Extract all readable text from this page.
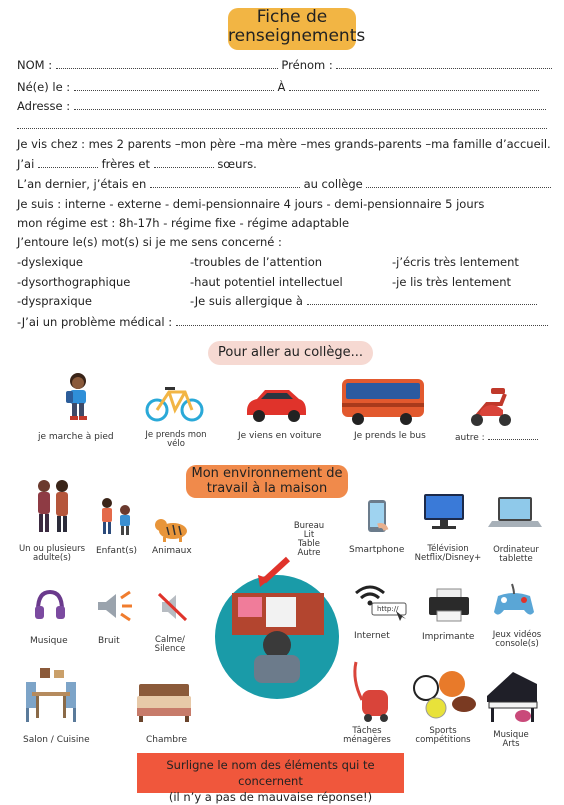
Fiche de
renseignements
NOM :	Prénom :
Né(e) le :	À
Adresse :
Je vis chez : mes 2 parents –mon père –ma mère –mes grands-parents –ma famille d’accueil.
J’ai	frères et	sœurs.
L’an dernier, j’étais en	au collège
Je suis : interne - externe - demi-pensionnaire 4 jours - demi-pensionnaire 5 jours
mon régime est : 8h-17h - régime fixe - régime adaptable
J’entoure le(s) mot(s) si je me sens concerné :
-dyslexique	-troubles de l’attention	-j’écris très lentement
-dysorthographique	-haut potentiel intellectuel	-je lis très lentement
-dyspraxique	-Je suis allergique à
-J’ai un problème médical :
Pour aller au collège...
je marche à pied	Je prends mon
vélo
Je viens en voiture	Je prends le bus	autre :
Mon environnement de
travail à la maison
Un ou plusieurs
adulte(s)
Enfant(s) Animaux
Musique	Bruit	Calme/
Silence
Salon / Cuisine	Chambre
Bureau
Lit
Table
Autre	Smartphone	Télévision
Netflix/Disney+
Ordinateur
tablette
http://
Internet	Imprimante	Jeux vidéos
console(s)
Tâches
ménagères
Sports
compétitions	Musique
Arts
Surligne le nom des éléments qui te concernent
(il n’y a pas de mauvaise réponse!)
